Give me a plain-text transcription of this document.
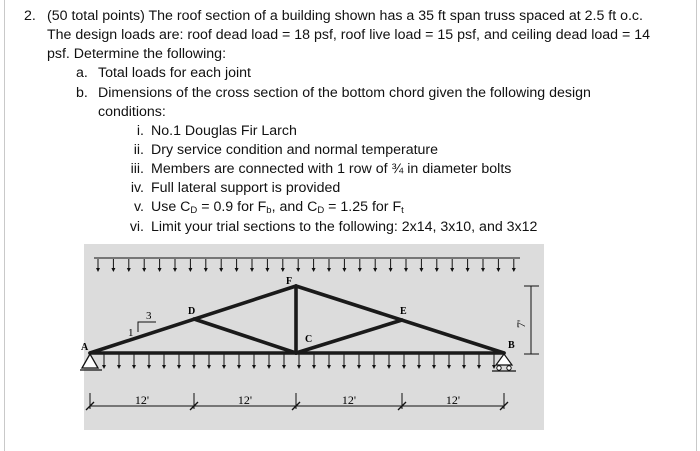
2. (50 total points) The roof section of a building shown has a 35 ft span truss spaced at 2.5 ft o.c.
The design loads are: roof dead load = 18 psf, roof live load = 15 psf, and ceiling dead load = 14
psf. Determine the following:
a. Total loads for each joint
b. Dimensions of the cross section of the bottom chord given the following design
conditions:
i. No.1 Douglas Fir Larch
ii. Dry service condition and normal temperature
iii. Members are connected with 1 row of ¾ in diameter bolts
iv. Full lateral support is provided
v. Use $C_D = 0.9$ for $F_b$, and $C_D = 1.25$ for $F_t$
vi. Limit your trial sections to the following: 2x14, 3x10, and 3x12
3
1
A	B
C
D	E
F
7'
12'	12'	12'	12'
